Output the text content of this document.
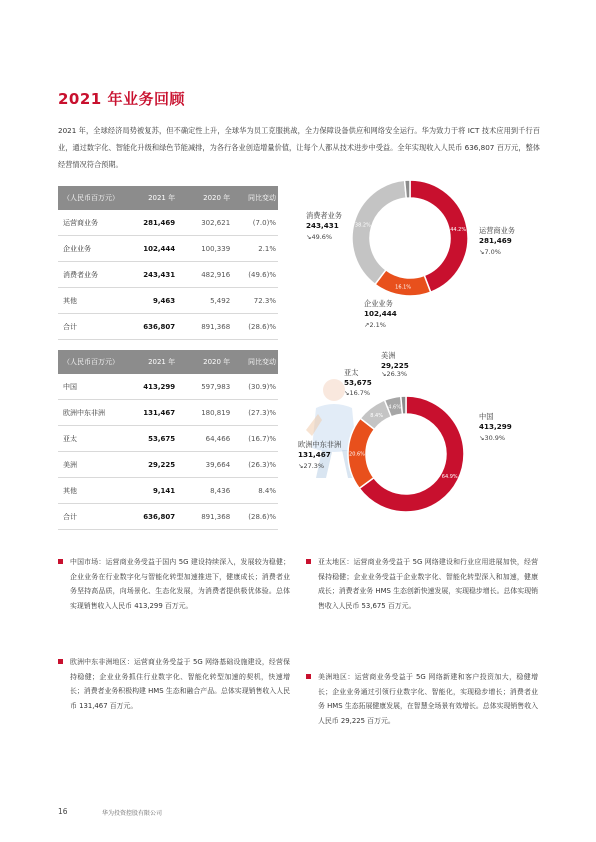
2021 年业务回顾
2021 年，全球经济局势被复苏，但不确定性上升，全球华为员工克服挑战，全力保障设备供应和网络安全运行。华为致力于将 ICT 技术应用到千行百业，通过数字化、智能化升级和绿色节能减排，为各行各业创造增量价值，让每个人都从技术进步中受益。全年实现收入人民币 636,807 百万元，整体经营情况符合预期。
（人民币百万元）	2021 年	2020 年	同比变动
运营商业务	281,469	302,621	(7.0)%
企业业务	102,444	100,339	2.1%
消费者业务	243,431	482,916	(49.6)%
其他	9,463	5,492	72.3%
合计	636,807	891,368	(28.6)%
（人民币百万元）	2021 年	2020 年	同比变动
中国	413,299	597,983	(30.9)%
欧洲中东非洲	131,467	180,819	(27.3)%
亚太	53,675	64,466	(16.7)%
美洲	29,225	39,664	(26.3)%
其他	9,141	8,436	8.4%
合计	636,807	891,368	(28.6)%
44.2%
16.1%
38.2%
消费者业务
243,431
↘49.6%
运营商业务
281,469
↘7.0%
企业业务
102,444
↗2.1%
64.9%
20.6%
8.4%
4.6%
美洲
29,225
↘26.3%
亚太
53,675
↘16.7%
中国
413,299
↘30.9%
欧洲中东非洲
131,467
↘27.3%
中国市场：运营商业务受益于国内 5G 建设持续深入，发展较为稳健；企业业务在行业数字化与智能化转型加速推进下，健康成长；消费者业务坚持高品质，向场景化、生态化发展，为消费者提供极优体验。总体实现销售收入人民币 413,299 百万元。
欧洲中东非洲地区：运营商业务受益于 5G 网络基础设施建设，经营保持稳健；企业业务抓住行业数字化、智能化转型加速的契机，快速增长；消费者业务积极构建 HMS 生态和融合产品。总体实现销售收入人民币 131,467 百万元。
亚太地区：运营商业务受益于 5G 网络建设和行业应用进展加快，经营保持稳健；企业业务受益于企业数字化、智能化转型深入和加速，健康成长；消费者业务 HMS 生态创新快速发展，实现稳步增长。总体实现销售收入人民币 53,675 百万元。
美洲地区：运营商业务受益于 5G 网络新建和客户投资加大，稳健增长；企业业务通过引领行业数字化、智能化，实现稳步增长；消费者业务 HMS 生态拓展健康发展，在智慧全场景有效增长。总体实现销售收入人民币 29,225 百万元。
16	华为投资控股有限公司
